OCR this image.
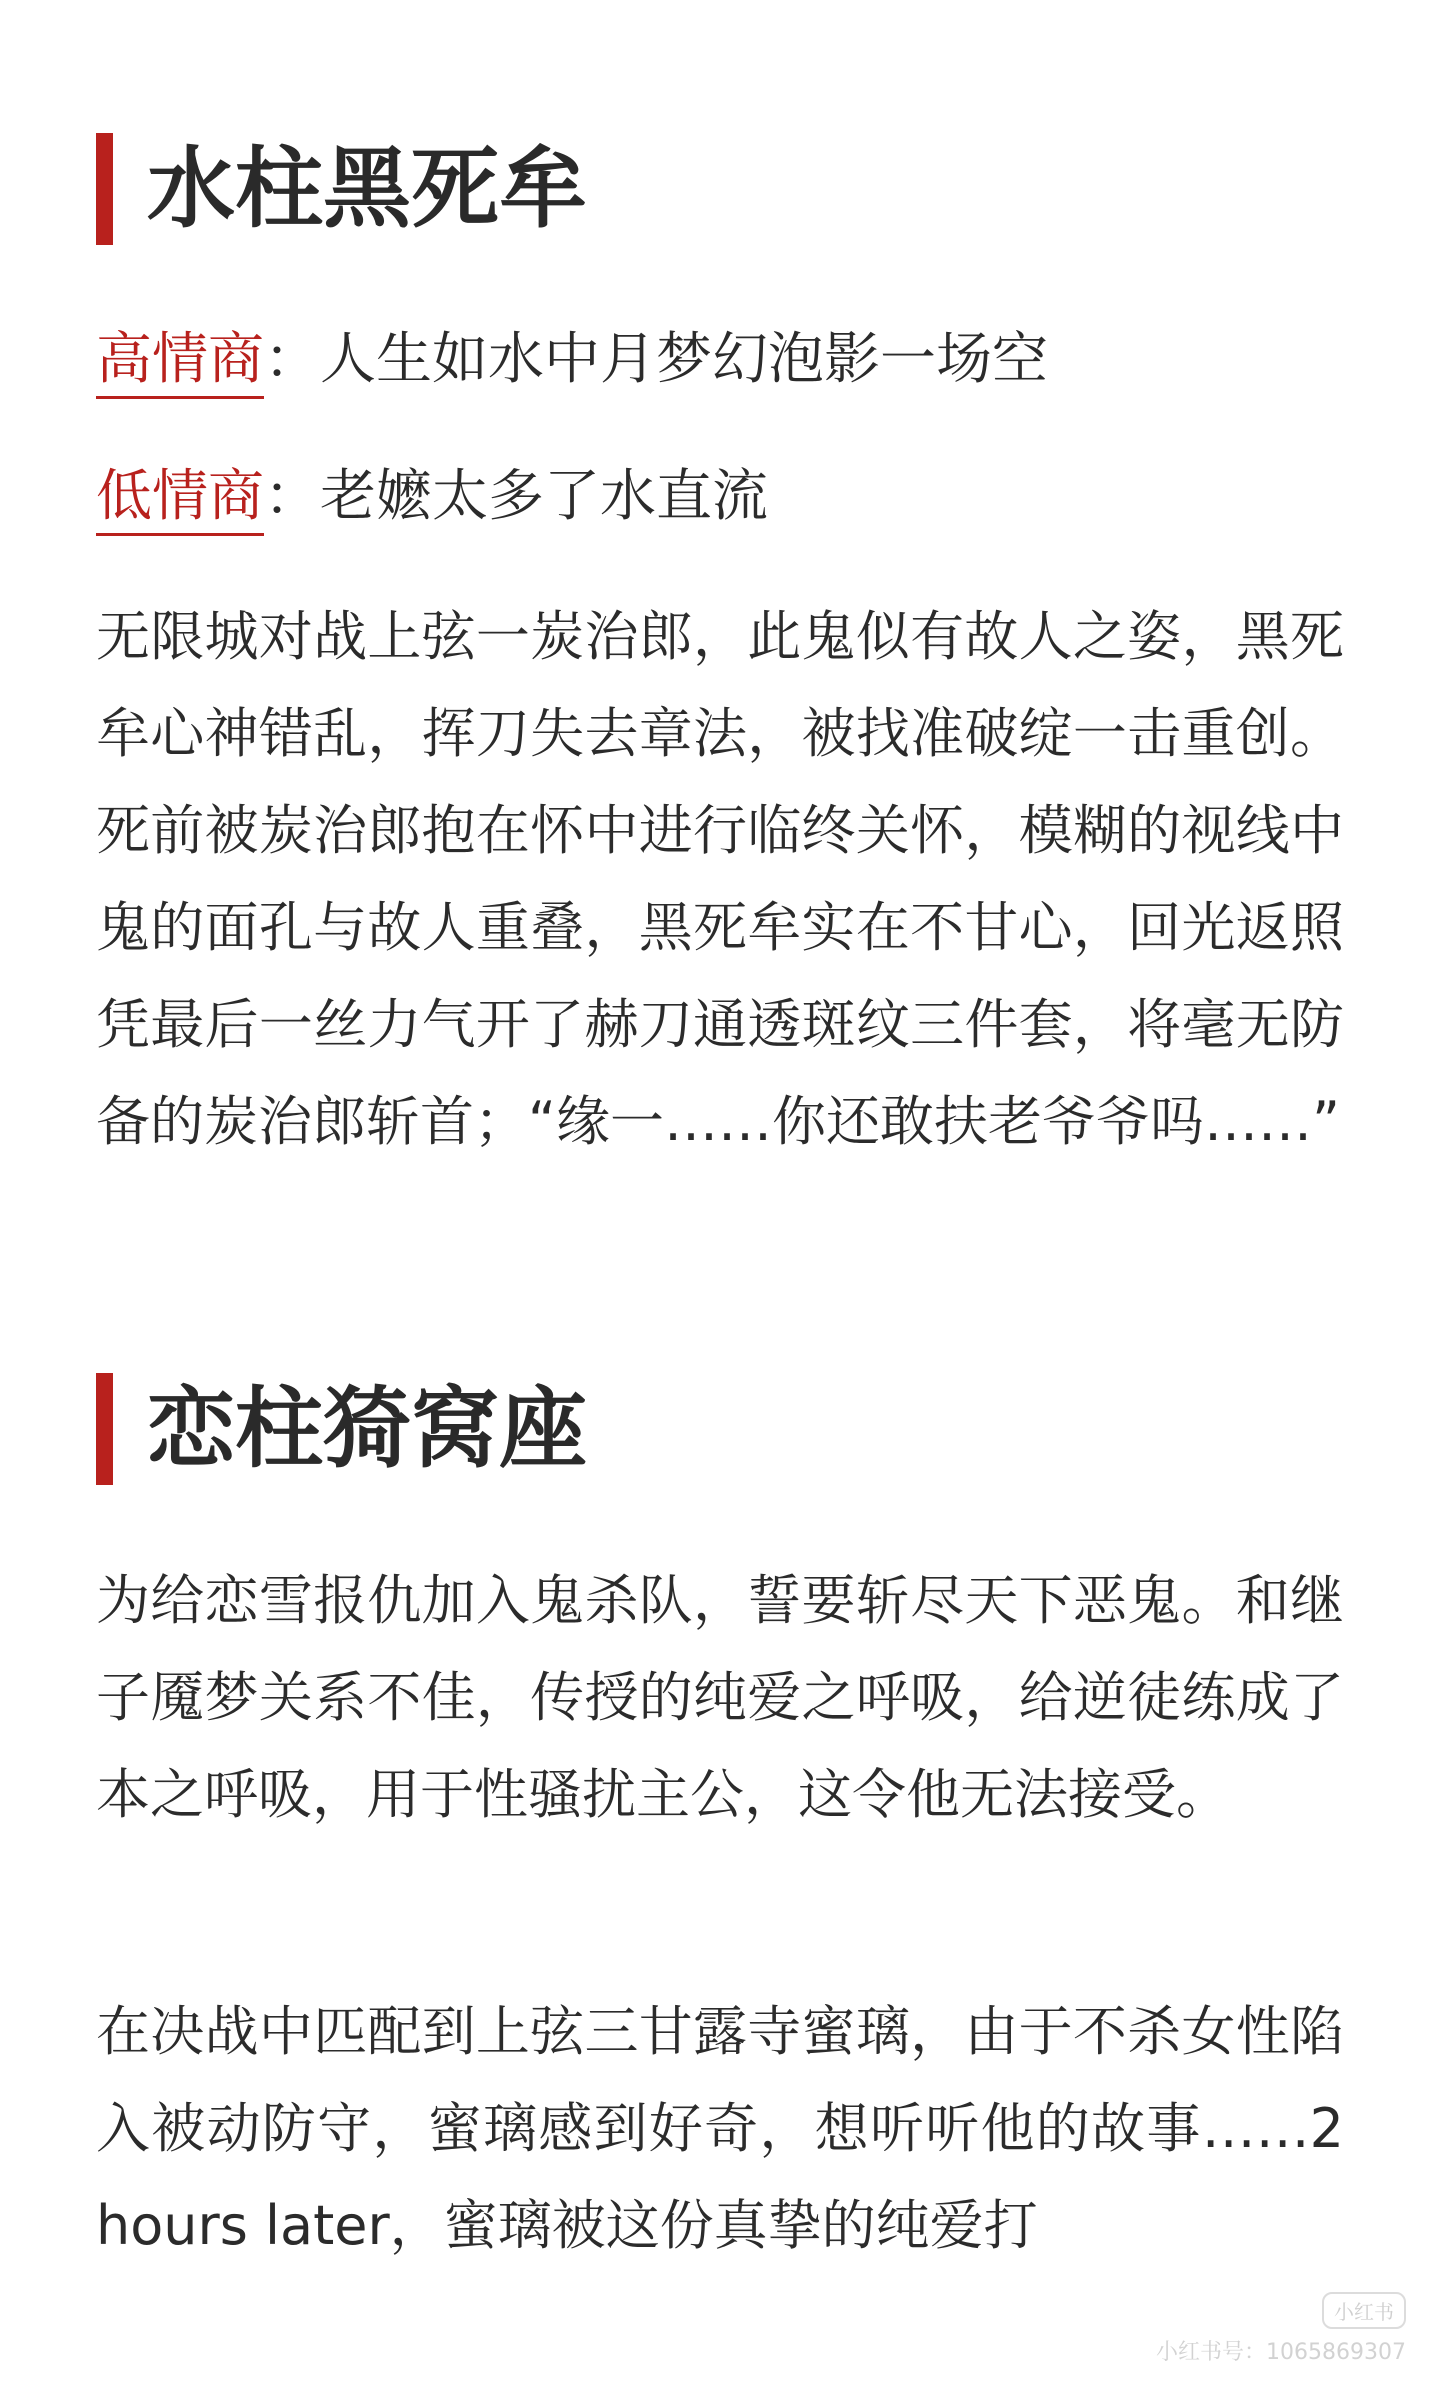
水柱黑死牟
高情商：人生如水中月梦幻泡影一场空
低情商：老嬷太多了水直流
无限城对战上弦一炭治郎，此鬼似有故人之姿，黑死牟心神错乱，挥刀失去章法，被找准破绽一击重创。死前被炭治郎抱在怀中进行临终关怀，模糊的视线中鬼的面孔与故人重叠，黑死牟实在不甘心，回光返照凭最后一丝力气开了赫刀通透斑纹三件套，将毫无防备的炭治郎斩首；“缘一……你还敢扶老爷爷吗……”
恋柱猗窝座
为给恋雪报仇加入鬼杀队，誓要斩尽天下恶鬼。和继子魇梦关系不佳，传授的纯爱之呼吸，给逆徒练成了本之呼吸，用于性骚扰主公，这令他无法接受。
在决战中匹配到上弦三甘露寺蜜璃，由于不杀女性陷入被动防守，蜜璃感到好奇，想听听他的故事……2 hours later，蜜璃被这份真挚的纯爱打
小红书
小红书号：1065869307
